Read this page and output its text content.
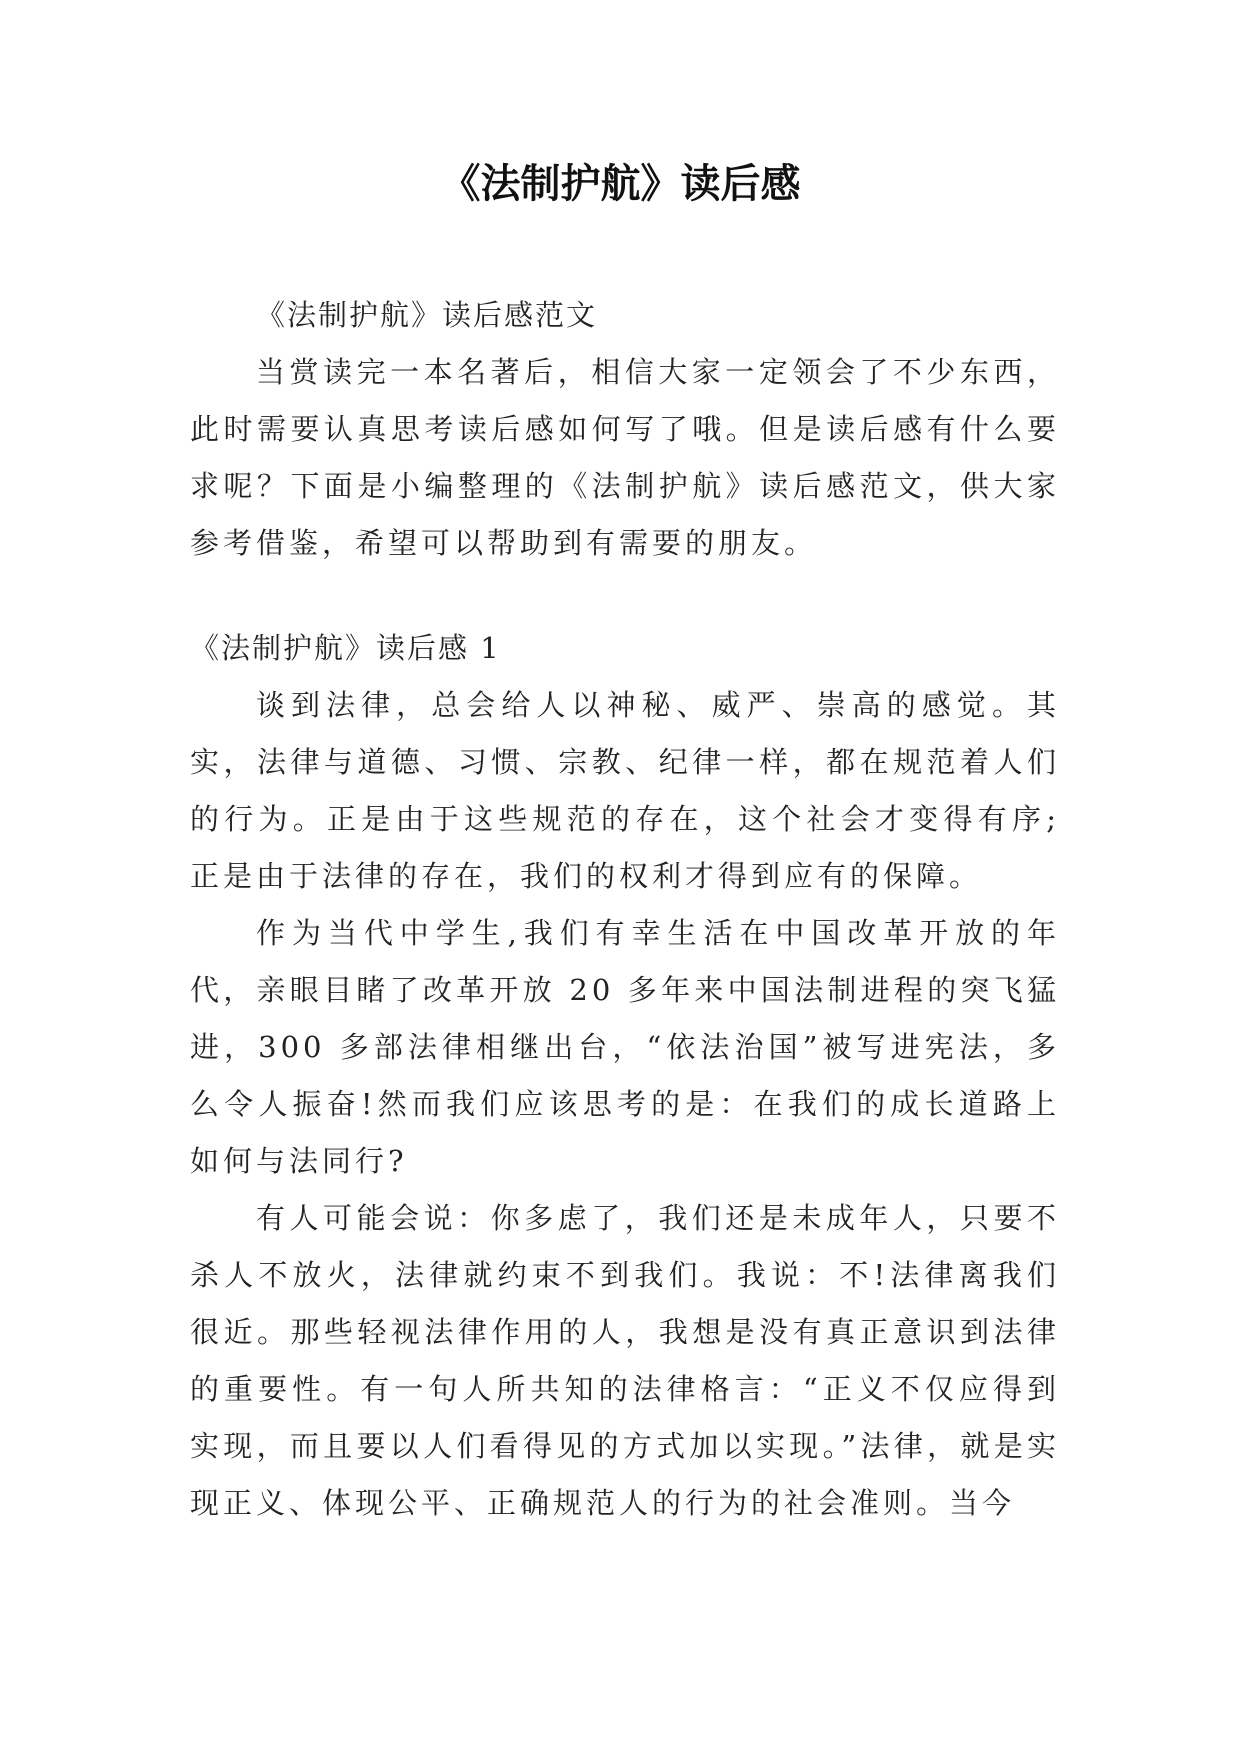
《法制护航》读后感

《法制护航》读后感范文

当赏读完一本名著后，相信大家一定领会了不少东西，此时需要认真思考读后感如何写了哦。但是读后感有什么要求呢？下面是小编整理的《法制护航》读后感范文，供大家参考借鉴，希望可以帮助到有需要的朋友。

《法制护航》读后感 1

谈到法律，总会给人以神秘、威严、崇高的感觉。其实，法律与道德、习惯、宗教、纪律一样，都在规范着人们的行为。正是由于这些规范的存在，这个社会才变得有序;正是由于法律的存在，我们的权利才得到应有的保障。

作为当代中学生,我们有幸生活在中国改革开放的年代，亲眼目睹了改革开放 20 多年来中国法制进程的突飞猛进，300 多部法律相继出台，“依法治国”被写进宪法，多么令人振奋!然而我们应该思考的是：在我们的成长道路上如何与法同行?

有人可能会说：你多虑了，我们还是未成年人，只要不杀人不放火，法律就约束不到我们。我说：不!法律离我们很近。那些轻视法律作用的人，我想是没有真正意识到法律的重要性。有一句人所共知的法律格言：“正义不仅应得到实现，而且要以人们看得见的方式加以实现。”法律，就是实现正义、体现公平、正确规范人的行为的社会准则。当今
